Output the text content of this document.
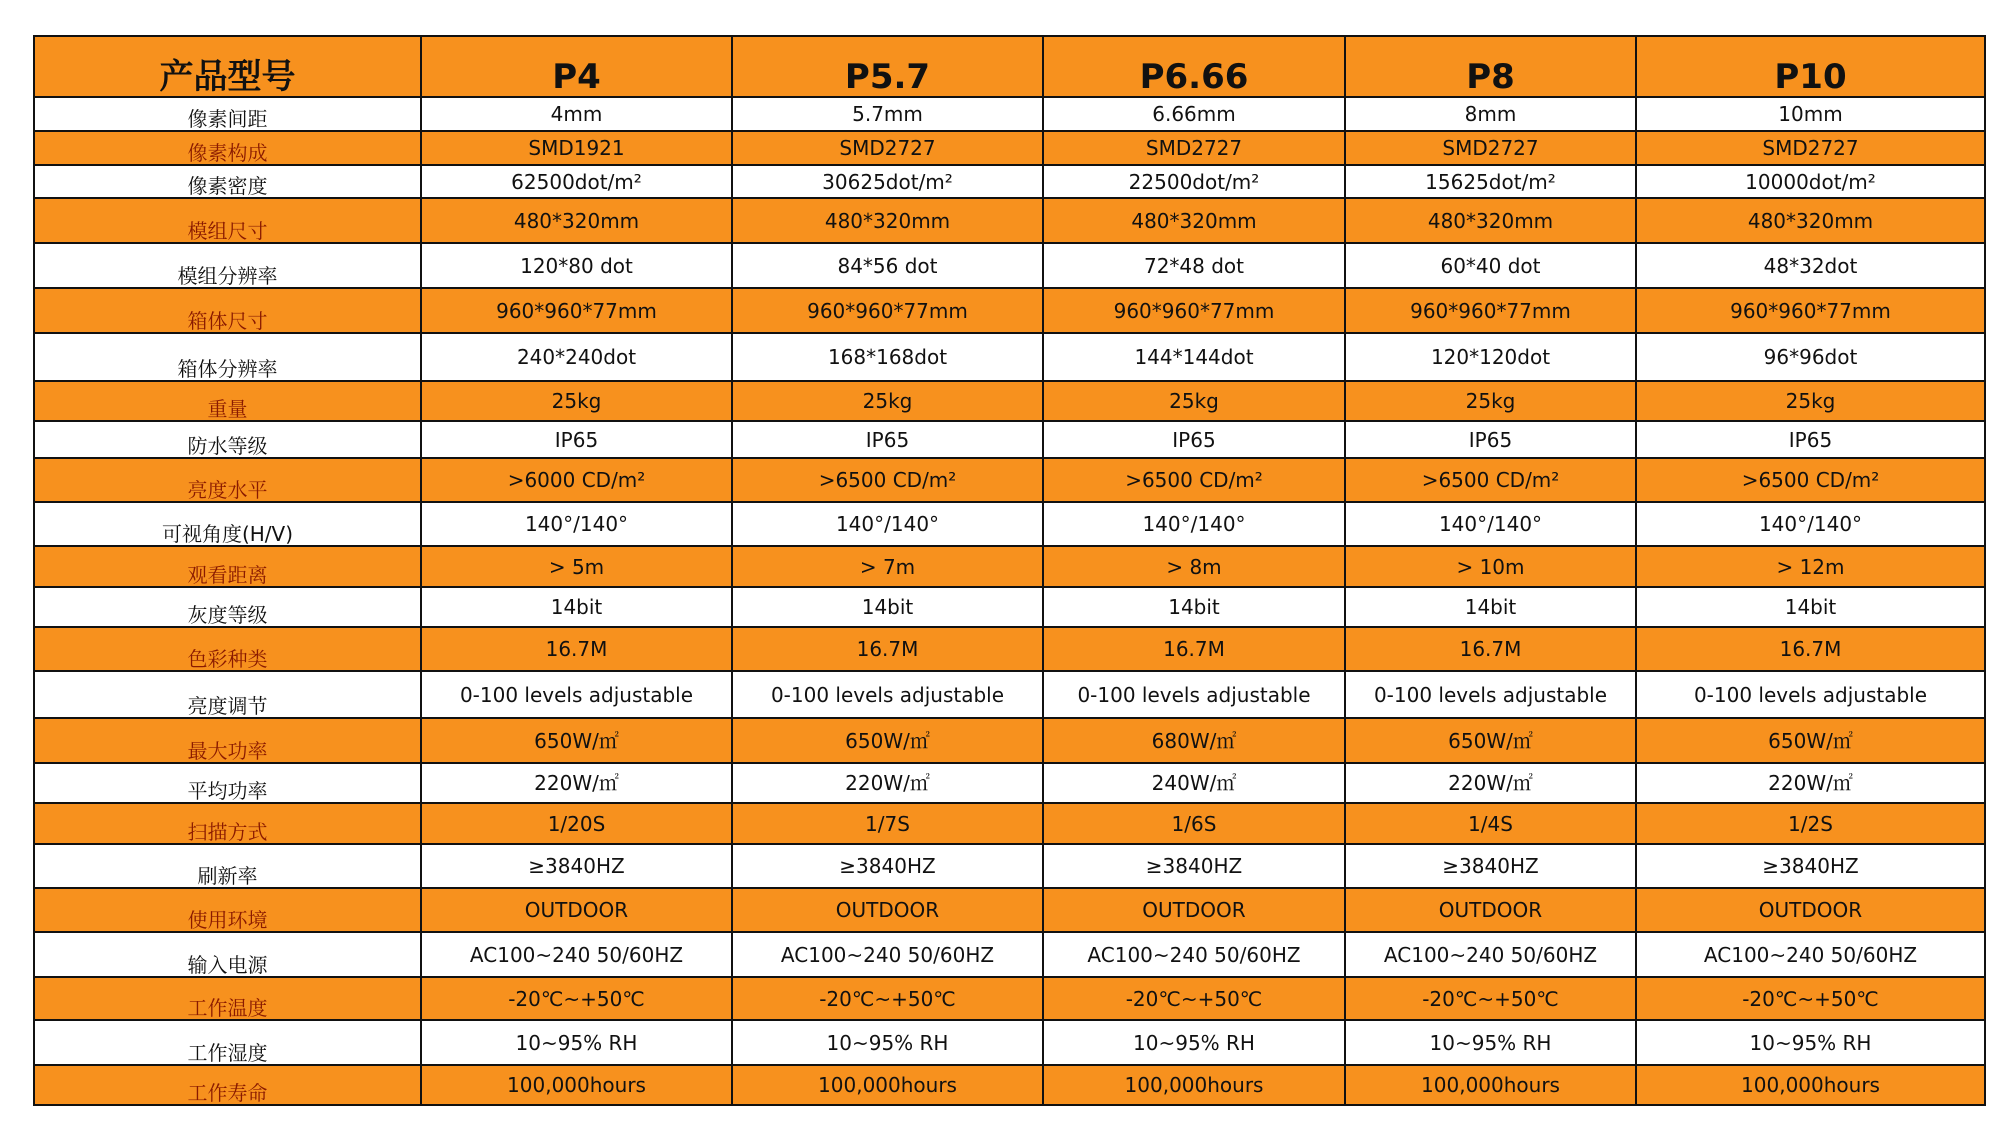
产品型号	P4	P5.7	P6.66	P8	P10
像素间距	4mm	5.7mm	6.66mm	8mm	10mm
像素构成	SMD1921	SMD2727	SMD2727	SMD2727	SMD2727
像素密度	62500dot/m²	30625dot/m²	22500dot/m²	15625dot/m²	10000dot/m²
模组尺寸	480*320mm	480*320mm	480*320mm	480*320mm	480*320mm
模组分辨率	120*80 dot	84*56 dot	72*48 dot	60*40 dot	48*32dot
箱体尺寸	960*960*77mm	960*960*77mm	960*960*77mm	960*960*77mm	960*960*77mm
箱体分辨率	240*240dot	168*168dot	144*144dot	120*120dot	96*96dot
重量	25kg	25kg	25kg	25kg	25kg
防水等级	IP65	IP65	IP65	IP65	IP65
亮度水平	>6000 CD/m²	>6500 CD/m²	>6500 CD/m²	>6500 CD/m²	>6500 CD/m²
可视角度(H/V)	140°/140°	140°/140°	140°/140°	140°/140°	140°/140°
观看距离	> 5m	> 7m	> 8m	> 10m	> 12m
灰度等级	14bit	14bit	14bit	14bit	14bit
色彩种类	16.7M	16.7M	16.7M	16.7M	16.7M
亮度调节	0-100 levels adjustable	0-100 levels adjustable	0-100 levels adjustable	0-100 levels adjustable	0-100 levels adjustable
最大功率	650W/㎡	650W/㎡	680W/㎡	650W/㎡	650W/㎡
平均功率	220W/㎡	220W/㎡	240W/㎡	220W/㎡	220W/㎡
扫描方式	1/20S	1/7S	1/6S	1/4S	1/2S
刷新率	≥3840HZ	≥3840HZ	≥3840HZ	≥3840HZ	≥3840HZ
使用环境	OUTDOOR	OUTDOOR	OUTDOOR	OUTDOOR	OUTDOOR
输入电源	AC100~240 50/60HZ	AC100~240 50/60HZ	AC100~240 50/60HZ	AC100~240 50/60HZ	AC100~240 50/60HZ
工作温度	-20℃~+50℃	-20℃~+50℃	-20℃~+50℃	-20℃~+50℃	-20℃~+50℃
工作湿度	10~95% RH	10~95% RH	10~95% RH	10~95% RH	10~95% RH
工作寿命	100,000hours	100,000hours	100,000hours	100,000hours	100,000hours
